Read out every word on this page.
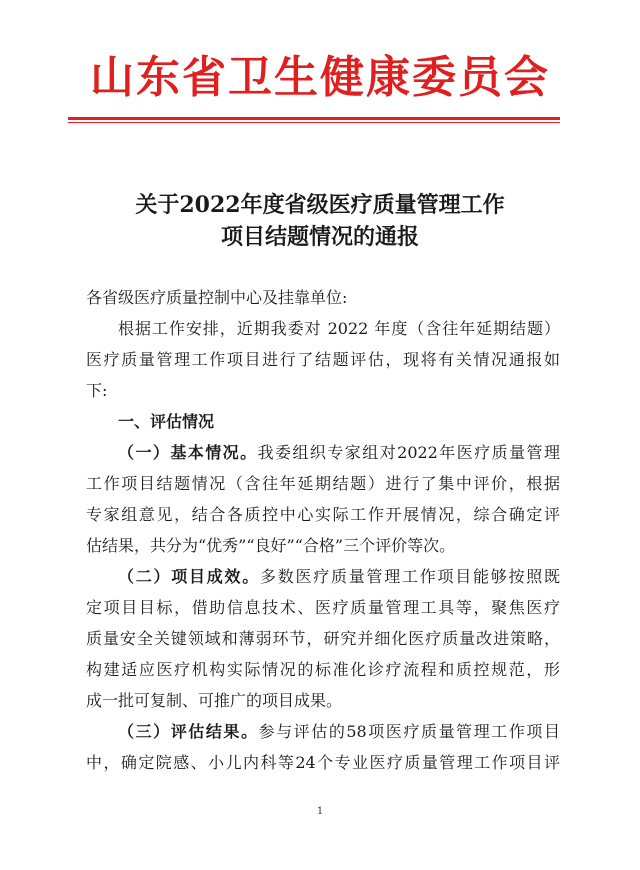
山东省卫生健康委员会
关于2022年度省级医疗质量管理工作
项目结题情况的通报
各省级医疗质量控制中心及挂靠单位:
根据工作安排，近期我委对 2022 年度（含往年延期结题）
医疗质量管理工作项目进行了结题评估，现将有关情况通报如
下:
一、评估情况
（一）基本情况。我委组织专家组对2022年医疗质量管理
工作项目结题情况（含往年延期结题）进行了集中评价，根据
专家组意见，结合各质控中心实际工作开展情况，综合确定评
估结果，共分为“优秀”“良好”“合格”三个评价等次。
（二）项目成效。多数医疗质量管理工作项目能够按照既
定项目目标，借助信息技术、医疗质量管理工具等，聚焦医疗
质量安全关键领域和薄弱环节，研究并细化医疗质量改进策略，
构建适应医疗机构实际情况的标准化诊疗流程和质控规范，形
成一批可复制、可推广的项目成果。
（三）评估结果。参与评估的58项医疗质量管理工作项目
中，确定院感、小儿内科等24个专业医疗质量管理工作项目评
1
